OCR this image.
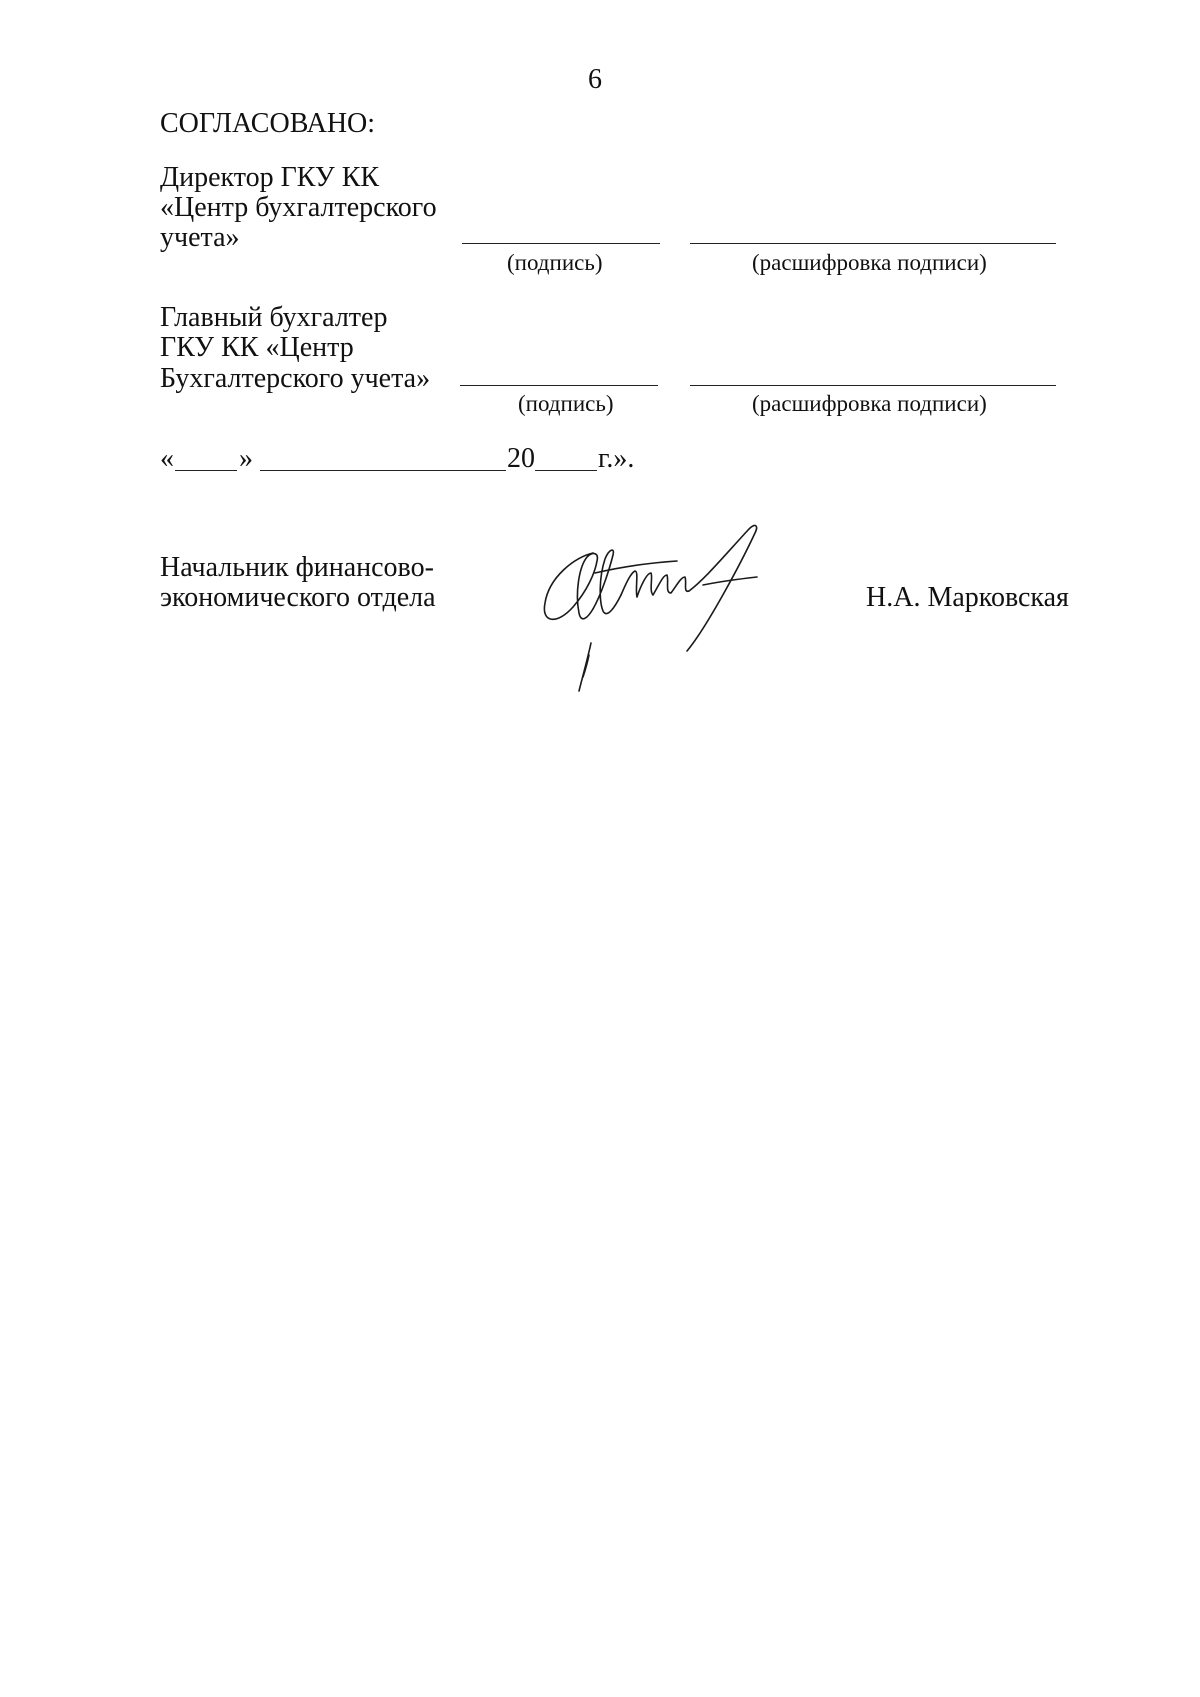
6
СОГЛАСОВАНО:
Директор ГКУ КК
«Центр бухгалтерского
учета»
(подпись)	(расшифровка подписи)
Главный бухгалтер
ГКУ КК «Центр
Бухгалтерского учета»
(подпись)	(расшифровка подписи)
« »	20 г.».
Начальник финансово-
экономического отдела	Н.А. Марковская
